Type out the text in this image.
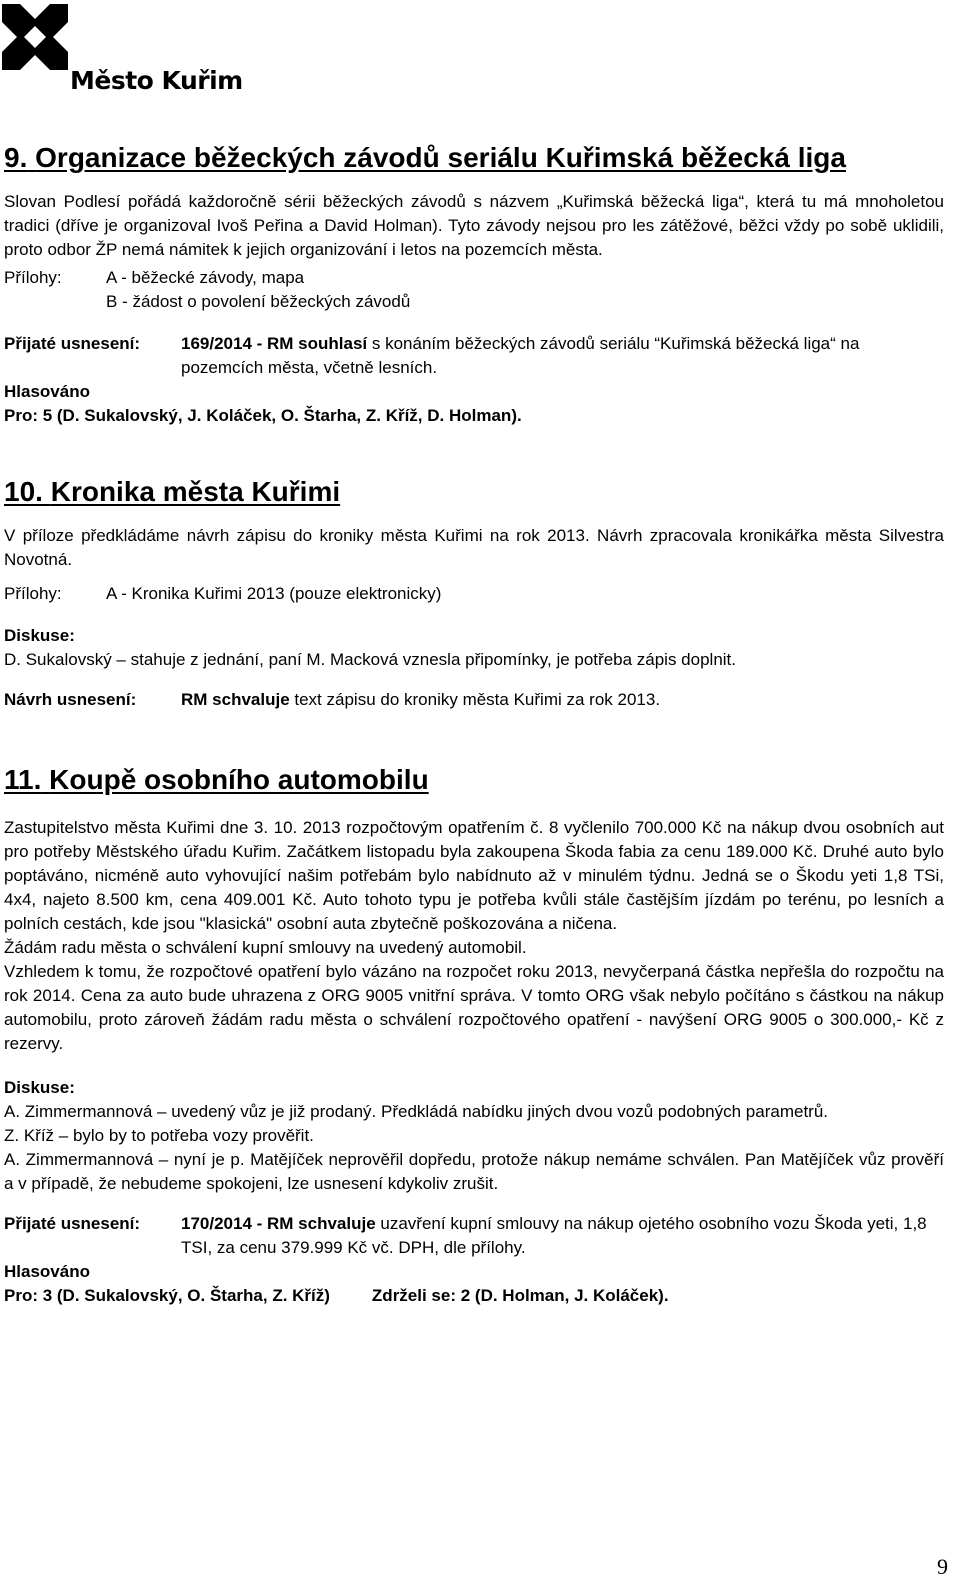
Město Kuřim
9. Organizace běžeckých závodů seriálu Kuřimská běžecká liga

Slovan Podlesí pořádá každoročně sérii běžeckých závodů s názvem „Kuřimská běžecká liga“, která tu má mnoholetou tradici (dříve je organizoval Ivoš Peřina a David Holman). Tyto závody nejsou pro les zátěžové, běžci vždy po sobě uklidili, proto odbor ŽP nemá námitek k jejich organizování i letos na pozemcích města.

Přílohy:	A - běžecké závody, mapa
B - žádost o povolení běžeckých závodů
Přijaté usnesení:	169/2014 - RM souhlasí s konáním běžeckých závodů seriálu “Kuřimská běžecká liga“ na pozemcích města, včetně lesních.
Hlasováno
Pro: 5 (D. Sukalovský, J. Koláček, O. Štarha, Z. Kříž, D. Holman).
10. Kronika města Kuřimi

V příloze předkládáme návrh zápisu do kroniky města Kuřimi na rok 2013. Návrh zpracovala kronikářka města Silvestra Novotná.

Přílohy:	A - Kronika Kuřimi 2013 (pouze elektronicky)
Diskuse:
D. Sukalovský – stahuje z jednání, paní M. Macková vznesla připomínky, je potřeba zápis doplnit.
Návrh usnesení:	RM schvaluje text zápisu do kroniky města Kuřimi za rok 2013.
11. Koupě osobního automobilu

Zastupitelstvo města Kuřimi dne 3. 10. 2013 rozpočtovým opatřením č. 8 vyčlenilo 700.000 Kč na nákup dvou osobních aut pro potřeby Městského úřadu Kuřim. Začátkem listopadu byla zakoupena Škoda fabia za cenu 189.000 Kč. Druhé auto bylo poptáváno, nicméně auto vyhovující našim potřebám bylo nabídnuto až v minulém týdnu. Jedná se o Škodu yeti 1,8 TSi, 4x4, najeto 8.500 km, cena 409.001 Kč. Auto tohoto typu je potřeba kvůli stále častějším jízdám po terénu, po lesních a polních cestách, kde jsou "klasická" osobní auta zbytečně poškozována a ničena.

Žádám radu města o schválení kupní smlouvy na uvedený automobil.

Vzhledem k tomu, že rozpočtové opatření bylo vázáno na rozpočet roku 2013, nevyčerpaná částka nepřešla do rozpočtu na rok 2014. Cena za auto bude uhrazena z ORG 9005 vnitřní správa. V tomto ORG však nebylo počítáno s částkou na nákup automobilu, proto zároveň žádám radu města o schválení rozpočtového opatření - navýšení ORG 9005 o 300.000,- Kč z rezervy.

Diskuse:

A. Zimmermannová – uvedený vůz je již prodaný. Předkládá nabídku jiných dvou vozů podobných parametrů.

Z. Kříž – bylo by to potřeba vozy prověřit.

A. Zimmermannová – nyní je p. Matějíček neprověřil dopředu, protože nákup nemáme schválen. Pan Matějíček vůz prověří a v případě, že nebudeme spokojeni, lze usnesení kdykoliv zrušit.

Přijaté usnesení:	170/2014 - RM schvaluje uzavření kupní smlouvy na nákup ojetého osobního vozu Škoda yeti, 1,8 TSI, za cenu 379.999 Kč vč. DPH, dle přílohy.
Hlasováno
Pro: 3 (D. Sukalovský, O. Štarha, Z. Kříž) Zdrželi se: 2 (D. Holman, J. Koláček).
9
